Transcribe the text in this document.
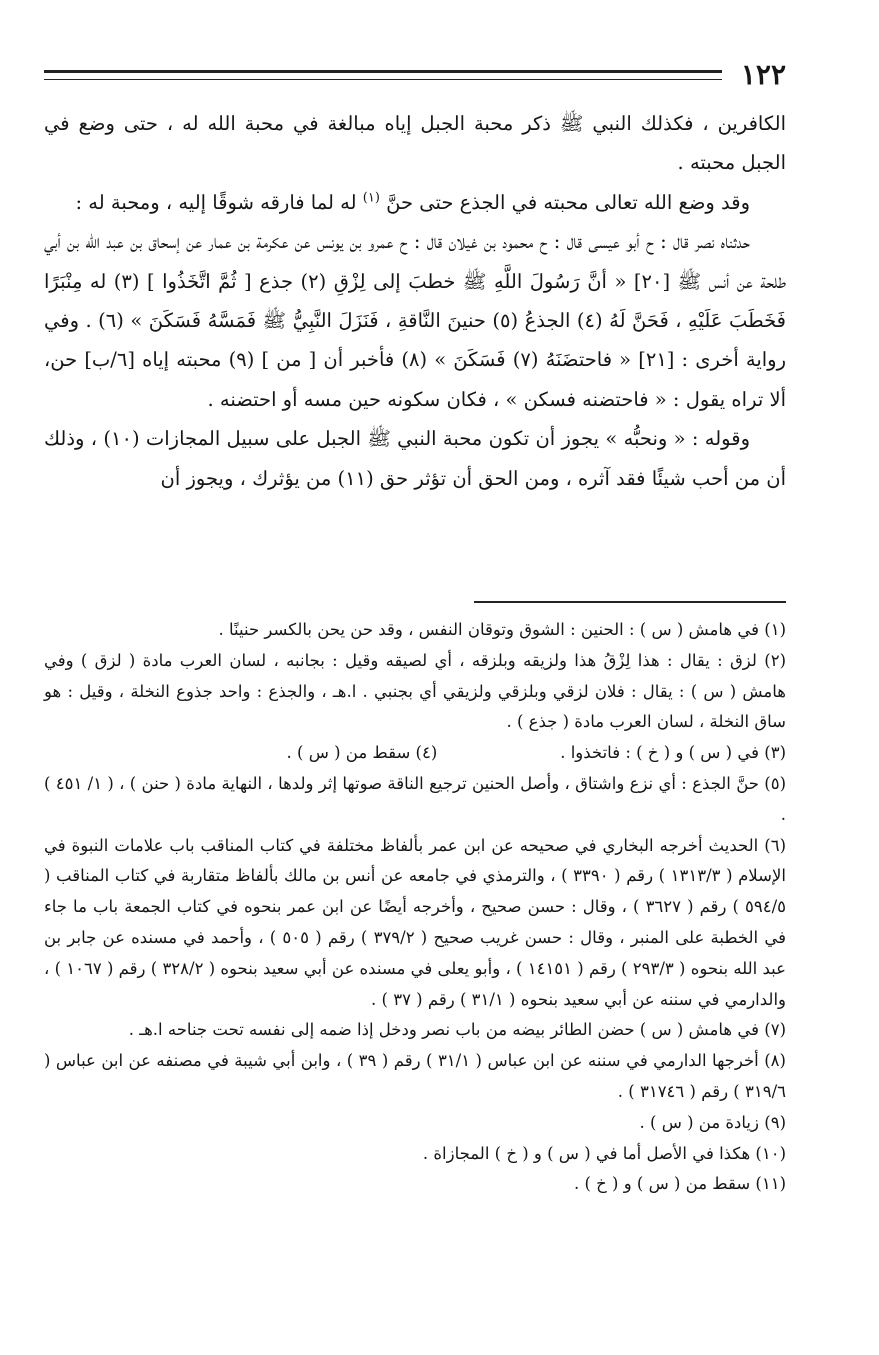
١٢٢

الكافرين ، فكذلك النبي ﷺ ذكر محبة الجبل إياه مبالغة في محبة الله له ، حتى وضع في الجبل محبته .

وقد وضع الله تعالى محبته في الجذع حتى حنَّ $^{(١)}$ له لما فارقه شوقًا إليه ، ومحبة له :

حدثناه نصر قال : ح أبو عيسى قال : ح محمود بن غيلان قال : ح عمرو بن يونس عن عكرمة بن عمار عن إسحاق بن عبد الله بن أبي طلحة عن أنس ﷺ [٢٠] « أنَّ رَسُولَ اللَّهِ ﷺ خطبَ إلى لِزْقِ (٢) جذع [ ثُمَّ اتَّخَذُوا ] (٣) له مِنْبَرًا فَخَطَبَ عَلَيْهِ ، فَحَنَّ لَهُ (٤) الجذعُ (٥) حنينَ النَّاقةِ ، فَنَزَلَ النَّبِيُّ ﷺ فَمَسَّهُ فَسَكَنَ » (٦) . وفي رواية أخرى : [٢١] « فاحتضَنَهُ (٧) فَسَكَنَ » (٨) فأخبر أن [ من ] (٩) محبته إياه [٦/ب] حن، ألا تراه يقول : « فاحتضنه فسكن » ، فكان سكونه حين مسه أو احتضنه .

وقوله : « ونحبُّه » يجوز أن تكون محبة النبي ﷺ الجبل على سبيل المجازات (١٠) ، وذلك أن من أحب شيئًا فقد آثره ، ومن الحق أن تؤثر حق (١١) من يؤثرك ، ويجوز أن

(١) في هامش ( س ) : الحنين : الشوق وتوقان النفس ، وقد حن يحن بالكسر حنينًا .

(٢) لزق : يقال : هذا لِزْقُ هذا ولزيقه وبلزقه ، أي لصيقه وقيل : بجانبه ، لسان العرب مادة ( لزق ) وفي هامش ( س ) : يقال : فلان لزقي وبلزقي ولزيقي أي بجنبي . ا.هـ ، والجذع : واحد جذوع النخلة ، وقيل : هو ساق النخلة ، لسان العرب مادة ( جذع ) .

(٣) في ( س ) و ( خ ) : فاتخذوا .
(٤) سقط من ( س ) .

(٥) حنَّ الجذع : أي نزع واشتاق ، وأصل الحنين ترجيع الناقة صوتها إثر ولدها ، النهاية مادة ( حنن ) ، ( ١/ ٤٥١ ) .

(٦) الحديث أخرجه البخاري في صحيحه عن ابن عمر بألفاظ مختلفة في كتاب المناقب باب علامات النبوة في الإسلام ( ١٣١٣/٣ ) رقم ( ٣٣٩٠ ) ، والترمذي في جامعه عن أنس بن مالك بألفاظ متقاربة في كتاب المناقب ( ٥٩٤/٥ ) رقم ( ٣٦٢٧ ) ، وقال : حسن صحيح ، وأخرجه أيضًا عن ابن عمر بنحوه في كتاب الجمعة باب ما جاء في الخطبة على المنبر ، وقال : حسن غريب صحيح ( ٣٧٩/٢ ) رقم ( ٥٠٥ ) ، وأحمد في مسنده عن جابر بن عبد الله بنحوه ( ٢٩٣/٣ ) رقم ( ١٤١٥١ ) ، وأبو يعلى في مسنده عن أبي سعيد بنحوه ( ٣٢٨/٢ ) رقم ( ١٠٦٧ ) ، والدارمي في سننه عن أبي سعيد بنحوه ( ٣١/١ ) رقم ( ٣٧ ) .

(٧) في هامش ( س ) حضن الطائر بيضه من باب نصر ودخل إذا ضمه إلى نفسه تحت جناحه ا.هـ .

(٨) أخرجها الدارمي في سننه عن ابن عباس ( ٣١/١ ) رقم ( ٣٩ ) ، وابن أبي شيبة في مصنفه عن ابن عباس ( ٣١٩/٦ ) رقم ( ٣١٧٤٦ ) .

(٩) زيادة من ( س ) .

(١٠) هكذا في الأصل أما في ( س ) و ( خ ) المجازاة .

(١١) سقط من ( س ) و ( خ ) .
